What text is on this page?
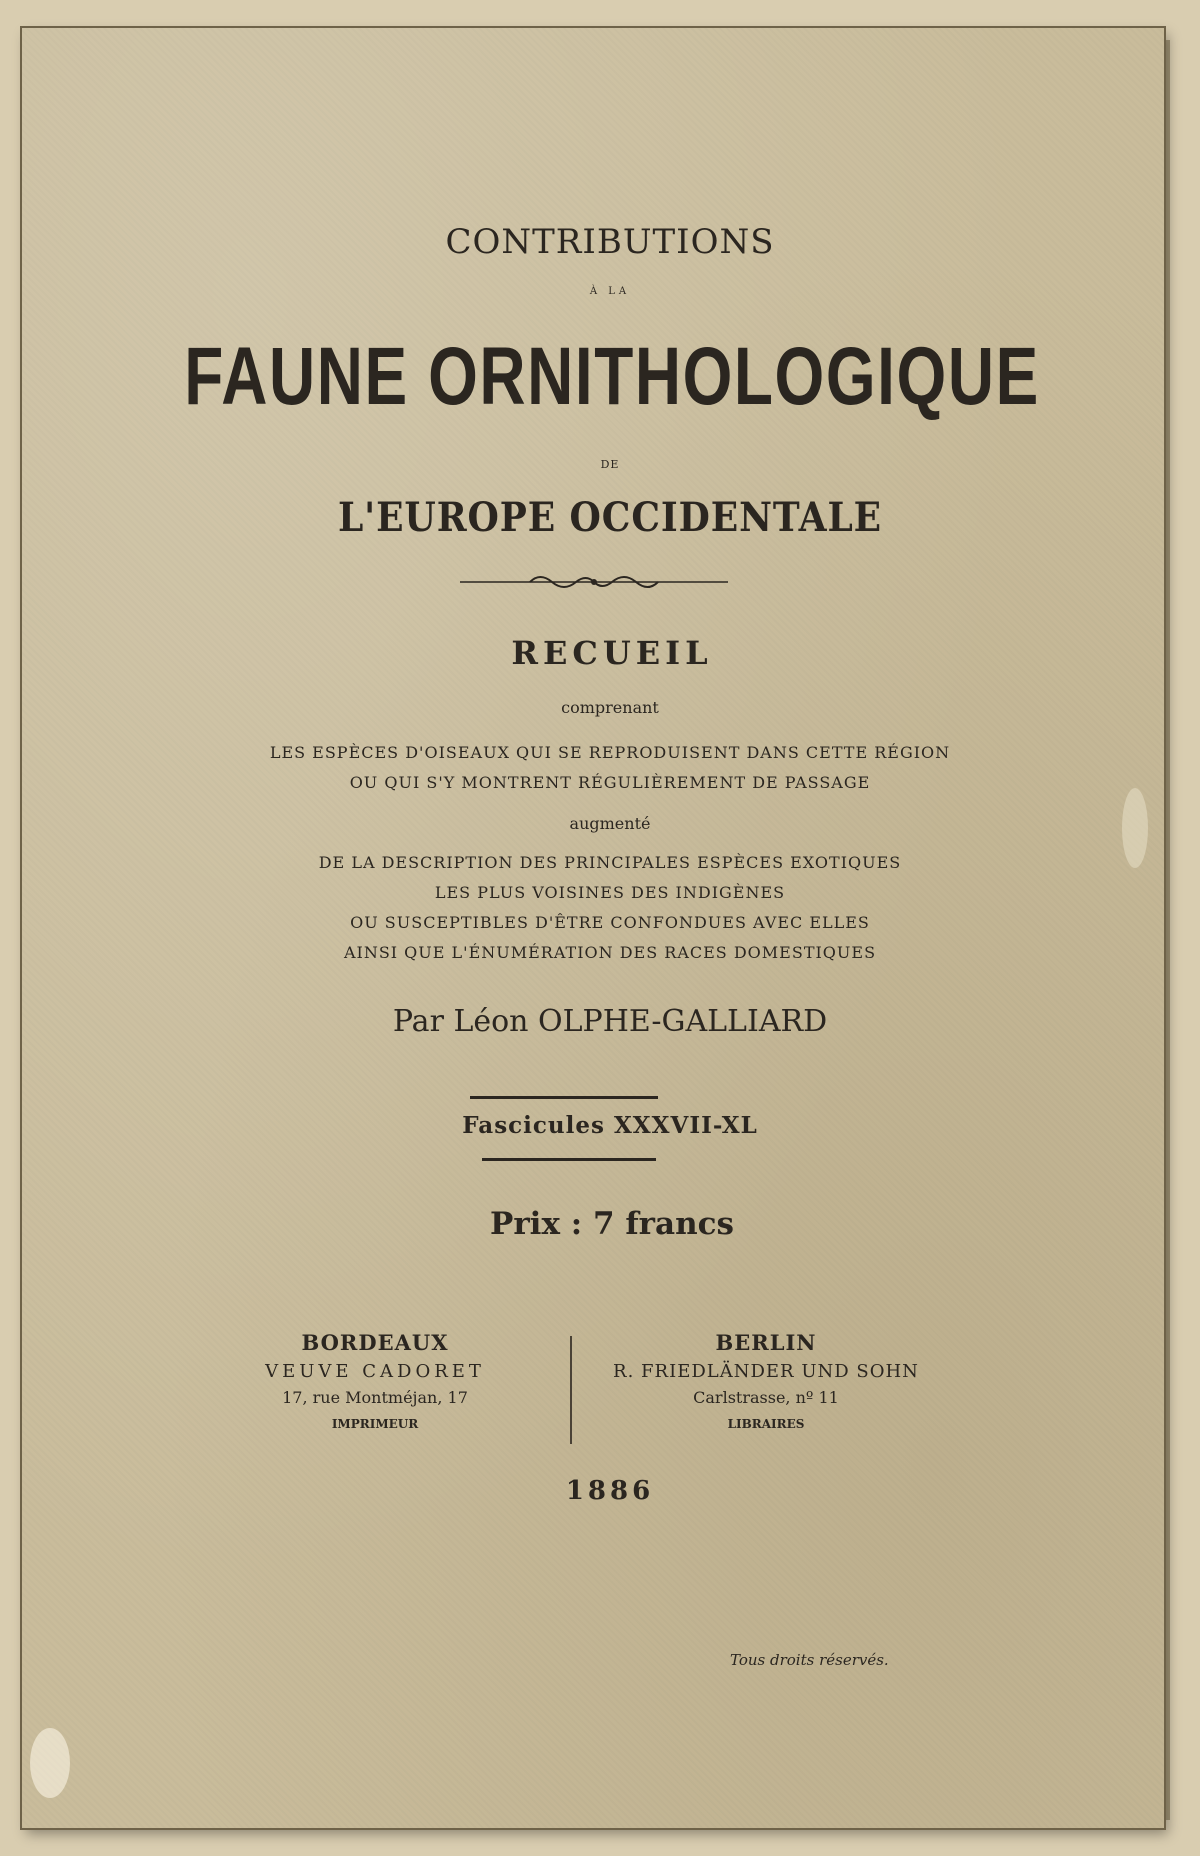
CONTRIBUTIONS

À LA

FAUNE ORNITHOLOGIQUE

DE

L'EUROPE OCCIDENTALE

RECUEIL

comprenant

LES ESPÈCES D'OISEAUX QUI SE REPRODUISENT DANS CETTE RÉGION
OU QUI S'Y MONTRENT RÉGULIÈREMENT DE PASSAGE

augmenté

DE LA DESCRIPTION DES PRINCIPALES ESPÈCES EXOTIQUES
LES PLUS VOISINES DES INDIGÈNES
OU SUSCEPTIBLES D'ÊTRE CONFONDUES AVEC ELLES
AINSI QUE L'ÉNUMÉRATION DES RACES DOMESTIQUES

Par Léon OLPHE-GALLIARD

Fascicules XXXVII-XL

Prix : 7 francs

BORDEAUX
VEUVE CADORET
17, rue Montméjan, 17
IMPRIMEUR
BERLIN
R. FRIEDLÄNDER UND SOHN
Carlstrasse, nº 11
LIBRAIRES

1886

Tous droits réservés.
